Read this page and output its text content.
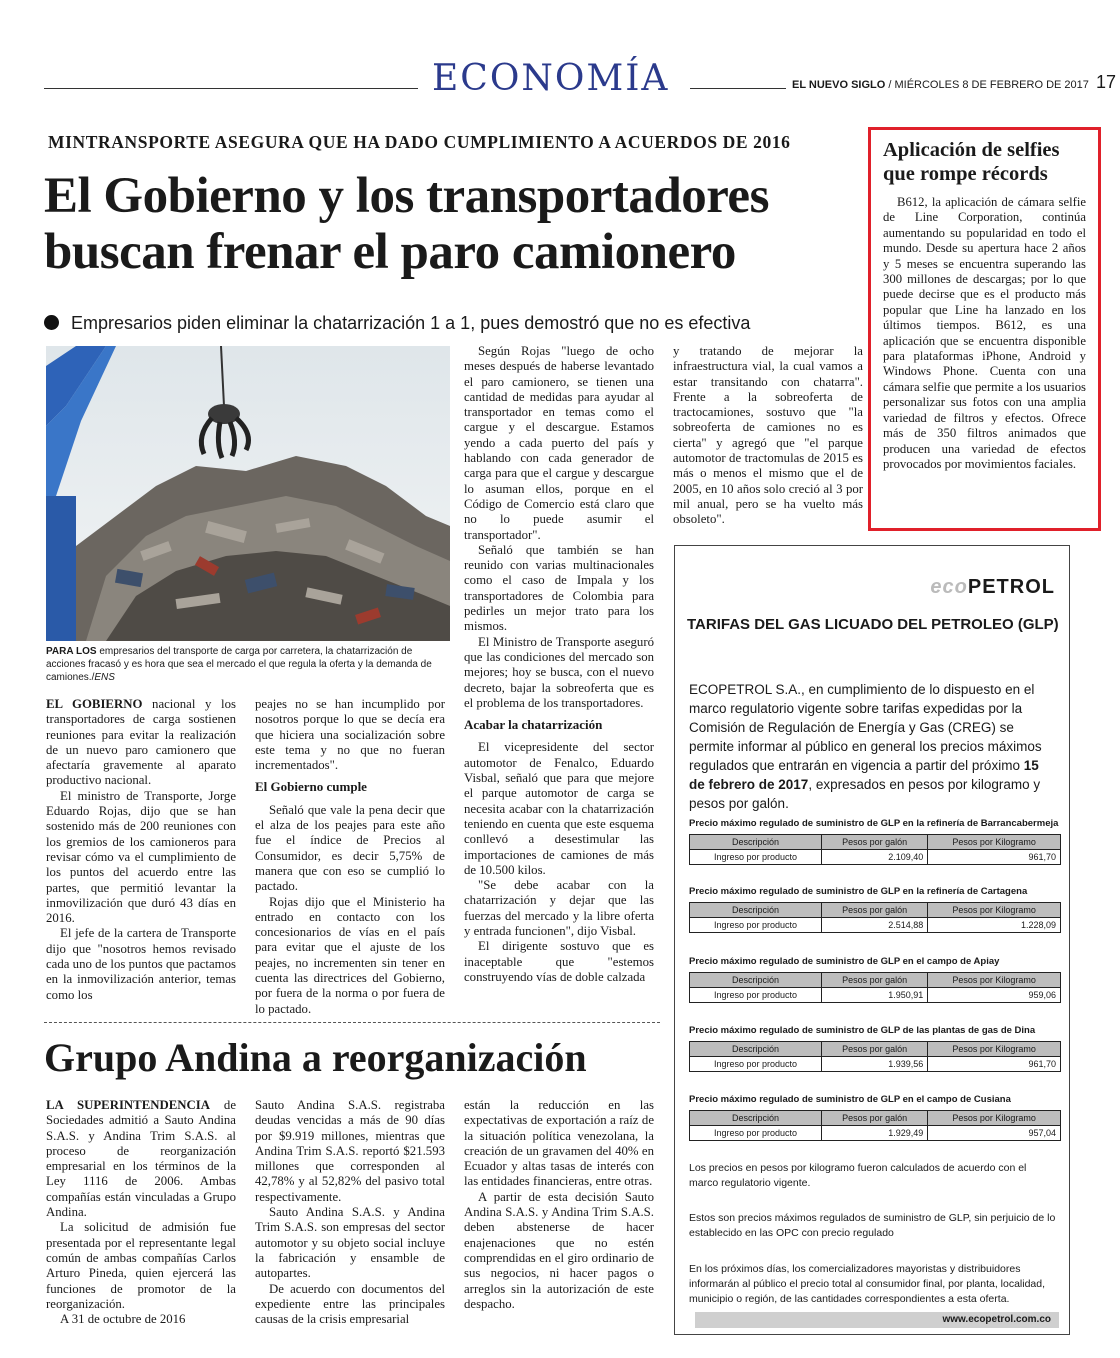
ECONOMÍA	EL NUEVO SIGLO / MIÉRCOLES 8 DE FEBRERO DE 2017 17
MINTRANSPORTE ASEGURA QUE HA DADO CUMPLIMIENTO A ACUERDOS DE 2016
El Gobierno y los transportadores buscan frenar el paro camionero
Empresarios piden eliminar la chatarrización 1 a 1, pues demostró que no es efectiva
PARA LOS empresarios del transporte de carga por carretera, la chatarrización de acciones fracasó y es hora que sea el mercado el que regula la oferta y la demanda de camiones./ENS

EL GOBIERNO nacional y los transportadores de carga sostienen reuniones para evitar la realización de un nuevo paro camionero que afectaría gravemente al aparato productivo nacional.

El ministro de Transporte, Jorge Eduardo Rojas, dijo que se han sostenido más de 200 reuniones con los gremios de los camioneros para revisar cómo va el cumplimiento de los puntos del acuerdo entre las partes, que permitió levantar la inmovilización que duró 43 días en 2016.

El jefe de la cartera de Transporte dijo que "nosotros hemos revisado cada uno de los puntos que pactamos en la inmovilización anterior, temas como los

peajes no se han incumplido por nosotros porque lo que se decía era que hiciera una socialización sobre este tema y no que no fueran incrementados".

El Gobierno cumple

Señaló que vale la pena decir que el alza de los peajes para este año fue el índice de Precios al Consumidor, es decir 5,75% de manera que con eso se cumplió lo pactado.

Rojas dijo que el Ministerio ha entrado en contacto con los concesionarios de vías en el país para evitar que el ajuste de los peajes, no incrementen sin tener en cuenta las directrices del Gobierno, por fuera de la norma o por fuera de lo pactado.

Según Rojas "luego de ocho meses después de haberse levantado el paro camionero, se tienen una cantidad de medidas para ayudar al transportador en temas como el cargue y el descargue. Estamos yendo a cada puerto del país y hablando con cada generador de carga para que el cargue y descargue lo asuman ellos, porque en el Código de Comercio está claro que no lo puede asumir el transportador".

Señaló que también se han reunido con varias multinacionales como el caso de Impala y los transportadores de Colombia para pedirles un mejor trato para los mismos.

El Ministro de Transporte aseguró que las condiciones del mercado son mejores; hoy se busca, con el nuevo decreto, bajar la sobreoferta que es el problema de los transportadores.

Acabar la chatarrización

El vicepresidente del sector automotor de Fenalco, Eduardo Visbal, señaló que para que mejore el parque automotor de carga se necesita acabar con la chatarrización teniendo en cuenta que este esquema conllevó a desestimular las importaciones de camiones de más de 10.500 kilos.

"Se debe acabar con la chatarrización y dejar que las fuerzas del mercado y la libre oferta y entrada funcionen", dijo Visbal.

El dirigente sostuvo que es inaceptable que "estemos construyendo vías de doble calzada

y tratando de mejorar la infraestructura vial, la cual vamos a estar transitando con chatarra". Frente a la sobreoferta de tractocamiones, sostuvo que "la sobreoferta de camiones no es cierta" y agregó que "el parque automotor de tractomulas de 2015 es más o menos el mismo que el de 2005, en 10 años solo creció al 3 por mil anual, pero se ha vuelto más obsoleto".

Aplicación de selfies que rompe récords
B612, la aplicación de cámara selfie de Line Corporation, continúa aumentando su popularidad en todo el mundo. Desde su apertura hace 2 años y 5 meses se encuentra superando las 300 millones de descargas; por lo que puede decirse que es el producto más popular que Line ha lanzado en los últimos tiempos. B612, es una aplicación que se encuentra disponible para plataformas iPhone, Android y Windows Phone. Cuenta con una cámara selfie que permite a los usuarios personalizar sus fotos con una amplia variedad de filtros y efectos. Ofrece más de 350 filtros animados que producen una variedad de efectos provocados por movimientos faciales.
Grupo Andina a reorganización

LA SUPERINTENDENCIA de Sociedades admitió a Sauto Andina S.A.S. y Andina Trim S.A.S. al proceso de reorganización empresarial en los términos de la Ley 1116 de 2006. Ambas compañías están vinculadas a Grupo Andina.

La solicitud de admisión fue presentada por el representante legal común de ambas compañías Carlos Arturo Pineda, quien ejercerá las funciones de promotor de la reorganización.

A 31 de octubre de 2016

Sauto Andina S.A.S. registraba deudas vencidas a más de 90 días por $9.919 millones, mientras que Andina Trim S.A.S. reportó $21.593 millones que corresponden al 42,78% y al 52,82% del pasivo total respectivamente.

Sauto Andina S.A.S. y Andina Trim S.A.S. son empresas del sector automotor y su objeto social incluye la fabricación y ensamble de autopartes.

De acuerdo con documentos del expediente entre las principales causas de la crisis empresarial

están la reducción en las expectativas de exportación a raíz de la situación política venezolana, la creación de un gravamen del 40% en Ecuador y altas tasas de interés con las entidades financieras, entre otras.

A partir de esta decisión Sauto Andina S.A.S. y Andina Trim S.A.S. deben abstenerse de hacer enajenaciones que no estén comprendidas en el giro ordinario de sus negocios, ni hacer pagos o arreglos sin la autorización de este despacho.

ecoPETROL
TARIFAS DEL GAS LICUADO DEL PETROLEO (GLP)
ECOPETROL S.A., en cumplimiento de lo dispuesto en el marco regulatorio vigente sobre tarifas expedidas por la Comisión de Regulación de Energía y Gas (CREG) se permite informar al público en general los precios máximos regulados que entrarán en vigencia a partir del próximo 15 de febrero de 2017, expresados en pesos por kilogramo y pesos por galón.
Precio máximo regulado de suministro de GLP en la refinería de Barrancabermeja
Descripción	Pesos por galón	Pesos por Kilogramo
Ingreso por producto	2.109,40	961,70
Precio máximo regulado de suministro de GLP en la refinería de Cartagena
Descripción	Pesos por galón	Pesos por Kilogramo
Ingreso por producto	2.514,88	1.228,09
Precio máximo regulado de suministro de GLP en el campo de Apiay
Descripción	Pesos por galón	Pesos por Kilogramo
Ingreso por producto	1.950,91	959,06
Precio máximo regulado de suministro de GLP de las plantas de gas de Dina
Descripción	Pesos por galón	Pesos por Kilogramo
Ingreso por producto	1.939,56	961,70
Precio máximo regulado de suministro de GLP en el campo de Cusiana
Descripción	Pesos por galón	Pesos por Kilogramo
Ingreso por producto	1.929,49	957,04
Los precios en pesos por kilogramo fueron calculados de acuerdo con el marco regulatorio vigente.
Estos son precios máximos regulados de suministro de GLP, sin perjuicio de lo establecido en las OPC con precio regulado
En los próximos días, los comercializadores mayoristas y distribuidores informarán al público el precio total al consumidor final, por planta, localidad, municipio o región, de las cantidades correspondientes a esta oferta.
www.ecopetrol.com.co
